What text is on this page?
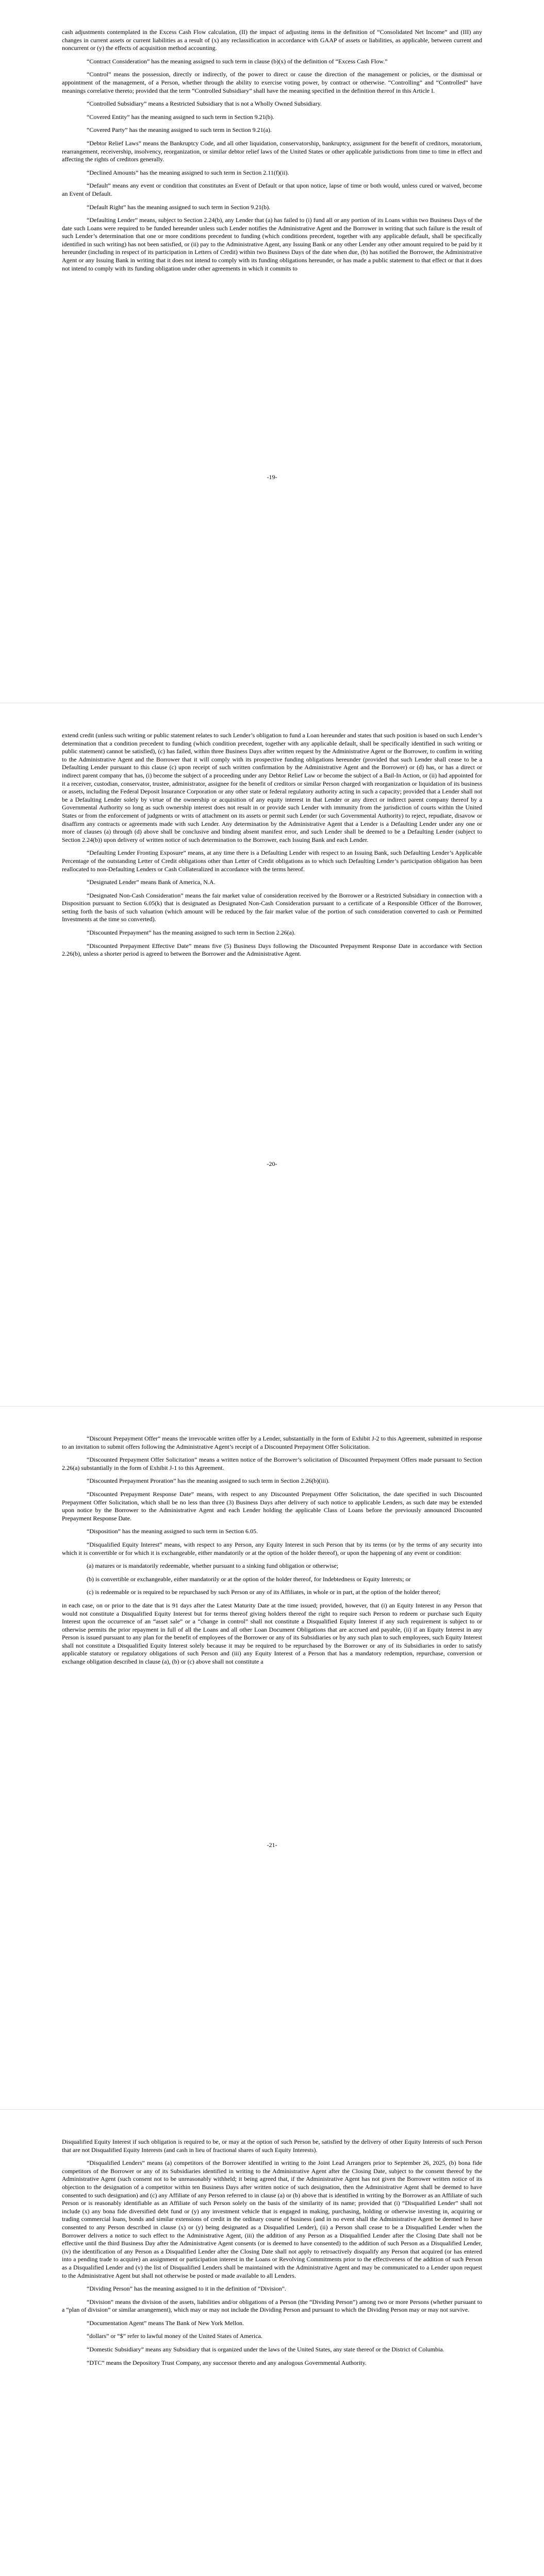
cash adjustments contemplated in the Excess Cash Flow calculation, (II) the impact of adjusting items in the definition of “Consolidated Net Income” and (III) any changes in current assets or current liabilities as a result of (x) any reclassification in accordance with GAAP of assets or liabilities, as applicable, between current and noncurrent or (y) the effects of acquisition method accounting.

“Contract Consideration” has the meaning assigned to such term in clause (b)(x) of the definition of “Excess Cash Flow.”

“Control” means the possession, directly or indirectly, of the power to direct or cause the direction of the management or policies, or the dismissal or appointment of the management, of a Person, whether through the ability to exercise voting power, by contract or otherwise. “Controlling” and “Controlled” have meanings correlative thereto; provided that the term “Controlled Subsidiary” shall have the meaning specified in the definition thereof in this Article I.

“Controlled Subsidiary” means a Restricted Subsidiary that is not a Wholly Owned Subsidiary.

“Covered Entity” has the meaning assigned to such term in Section 9.21(b).

“Covered Party” has the meaning assigned to such term in Section 9.21(a).

“Debtor Relief Laws” means the Bankruptcy Code, and all other liquidation, conservatorship, bankruptcy, assignment for the benefit of creditors, moratorium, rearrangement, receivership, insolvency, reorganization, or similar debtor relief laws of the United States or other applicable jurisdictions from time to time in effect and affecting the rights of creditors generally.

“Declined Amounts” has the meaning assigned to such term in Section 2.11(f)(ii).

“Default” means any event or condition that constitutes an Event of Default or that upon notice, lapse of time or both would, unless cured or waived, become an Event of Default.

“Default Right” has the meaning assigned to such term in Section 9.21(b).

“Defaulting Lender” means, subject to Section 2.24(b), any Lender that (a) has failed to (i) fund all or any portion of its Loans within two Business Days of the date such Loans were required to be funded hereunder unless such Lender notifies the Administrative Agent and the Borrower in writing that such failure is the result of such Lender’s determination that one or more conditions precedent to funding (which conditions precedent, together with any applicable default, shall be specifically identified in such writing) has not been satisfied, or (ii) pay to the Administrative Agent, any Issuing Bank or any other Lender any other amount required to be paid by it hereunder (including in respect of its participation in Letters of Credit) within two Business Days of the date when due, (b) has notified the Borrower, the Administrative Agent or any Issuing Bank in writing that it does not intend to comply with its funding obligations hereunder, or has made a public statement to that effect or that it does not intend to comply with its funding obligation under other agreements in which it commits to

-19-

extend credit (unless such writing or public statement relates to such Lender’s obligation to fund a Loan hereunder and states that such position is based on such Lender’s determination that a condition precedent to funding (which condition precedent, together with any applicable default, shall be specifically identified in such writing or public statement) cannot be satisfied), (c) has failed, within three Business Days after written request by the Administrative Agent or the Borrower, to confirm in writing to the Administrative Agent and the Borrower that it will comply with its prospective funding obligations hereunder (provided that such Lender shall cease to be a Defaulting Lender pursuant to this clause (c) upon receipt of such written confirmation by the Administrative Agent and the Borrower) or (d) has, or has a direct or indirect parent company that has, (i) become the subject of a proceeding under any Debtor Relief Law or become the subject of a Bail-In Action, or (ii) had appointed for it a receiver, custodian, conservator, trustee, administrator, assignee for the benefit of creditors or similar Person charged with reorganization or liquidation of its business or assets, including the Federal Deposit Insurance Corporation or any other state or federal regulatory authority acting in such a capacity; provided that a Lender shall not be a Defaulting Lender solely by virtue of the ownership or acquisition of any equity interest in that Lender or any direct or indirect parent company thereof by a Governmental Authority so long as such ownership interest does not result in or provide such Lender with immunity from the jurisdiction of courts within the United States or from the enforcement of judgments or writs of attachment on its assets or permit such Lender (or such Governmental Authority) to reject, repudiate, disavow or disaffirm any contracts or agreements made with such Lender. Any determination by the Administrative Agent that a Lender is a Defaulting Lender under any one or more of clauses (a) through (d) above shall be conclusive and binding absent manifest error, and such Lender shall be deemed to be a Defaulting Lender (subject to Section 2.24(b)) upon delivery of written notice of such determination to the Borrower, each Issuing Bank and each Lender.

“Defaulting Lender Fronting Exposure” means, at any time there is a Defaulting Lender with respect to an Issuing Bank, such Defaulting Lender’s Applicable Percentage of the outstanding Letter of Credit obligations other than Letter of Credit obligations as to which such Defaulting Lender’s participation obligation has been reallocated to non-Defaulting Lenders or Cash Collateralized in accordance with the terms hereof.

“Designated Lender” means Bank of America, N.A.

“Designated Non-Cash Consideration” means the fair market value of consideration received by the Borrower or a Restricted Subsidiary in connection with a Disposition pursuant to Section 6.05(k) that is designated as Designated Non-Cash Consideration pursuant to a certificate of a Responsible Officer of the Borrower, setting forth the basis of such valuation (which amount will be reduced by the fair market value of the portion of such consideration converted to cash or Permitted Investments at the time so converted).

“Discounted Prepayment” has the meaning assigned to such term in Section 2.26(a).

“Discounted Prepayment Effective Date” means five (5) Business Days following the Discounted Prepayment Response Date in accordance with Section 2.26(b), unless a shorter period is agreed to between the Borrower and the Administrative Agent.

-20-

“Discount Prepayment Offer” means the irrevocable written offer by a Lender, substantially in the form of Exhibit J-2 to this Agreement, submitted in response to an invitation to submit offers following the Administrative Agent’s receipt of a Discounted Prepayment Offer Solicitation.

“Discounted Prepayment Offer Solicitation” means a written notice of the Borrower’s solicitation of Discounted Prepayment Offers made pursuant to Section 2.26(a) substantially in the form of Exhibit J-1 to this Agreement.

“Discounted Prepayment Proration” has the meaning assigned to such term in Section 2.26(b)(iii).

“Discounted Prepayment Response Date” means, with respect to any Discounted Prepayment Offer Solicitation, the date specified in such Discounted Prepayment Offer Solicitation, which shall be no less than three (3) Business Days after delivery of such notice to applicable Lenders, as such date may be extended upon notice by the Borrower to the Administrative Agent and each Lender holding the applicable Class of Loans before the previously announced Discounted Prepayment Response Date.

“Disposition” has the meaning assigned to such term in Section 6.05.

“Disqualified Equity Interest” means, with respect to any Person, any Equity Interest in such Person that by its terms (or by the terms of any security into which it is convertible or for which it is exchangeable, either mandatorily or at the option of the holder thereof), or upon the happening of any event or condition:

(a) matures or is mandatorily redeemable, whether pursuant to a sinking fund obligation or otherwise;

(b) is convertible or exchangeable, either mandatorily or at the option of the holder thereof, for Indebtedness or Equity Interests; or

(c) is redeemable or is required to be repurchased by such Person or any of its Affiliates, in whole or in part, at the option of the holder thereof;

in each case, on or prior to the date that is 91 days after the Latest Maturity Date at the time issued; provided, however, that (i) an Equity Interest in any Person that would not constitute a Disqualified Equity Interest but for terms thereof giving holders thereof the right to require such Person to redeem or purchase such Equity Interest upon the occurrence of an “asset sale” or a “change in control” shall not constitute a Disqualified Equity Interest if any such requirement is subject to or otherwise permits the prior repayment in full of all the Loans and all other Loan Document Obligations that are accrued and payable, (ii) if an Equity Interest in any Person is issued pursuant to any plan for the benefit of employees of the Borrower or any of its Subsidiaries or by any such plan to such employees, such Equity Interest shall not constitute a Disqualified Equity Interest solely because it may be required to be repurchased by the Borrower or any of its Subsidiaries in order to satisfy applicable statutory or regulatory obligations of such Person and (iii) any Equity Interest of a Person that has a mandatory redemption, repurchase, conversion or exchange obligation described in clause (a), (b) or (c) above shall not constitute a

-21-

Disqualified Equity Interest if such obligation is required to be, or may at the option of such Person be, satisfied by the delivery of other Equity Interests of such Person that are not Disqualified Equity Interests (and cash in lieu of fractional shares of such Equity Interests).

“Disqualified Lenders” means (a) competitors of the Borrower identified in writing to the Joint Lead Arrangers prior to September 26, 2025, (b) bona fide competitors of the Borrower or any of its Subsidiaries identified in writing to the Administrative Agent after the Closing Date, subject to the consent thereof by the Administrative Agent (such consent not to be unreasonably withheld; it being agreed that, if the Administrative Agent has not given the Borrower written notice of its objection to the designation of a competitor within ten Business Days after written notice of such designation, then the Administrative Agent shall be deemed to have consented to such designation) and (c) any Affiliate of any Person referred to in clause (a) or (b) above that is identified in writing by the Borrower as an Affiliate of such Person or is reasonably identifiable as an Affiliate of such Person solely on the basis of the similarity of its name; provided that (i) “Disqualified Lender” shall not include (x) any bona fide diversified debt fund or (y) any investment vehicle that is engaged in making, purchasing, holding or otherwise investing in, acquiring or trading commercial loans, bonds and similar extensions of credit in the ordinary course of business (and in no event shall the Administrative Agent be deemed to have consented to any Person described in clause (x) or (y) being designated as a Disqualified Lender), (ii) a Person shall cease to be a Disqualified Lender when the Borrower delivers a notice to such effect to the Administrative Agent, (iii) the addition of any Person as a Disqualified Lender after the Closing Date shall not be effective until the third Business Day after the Administrative Agent consents (or is deemed to have consented) to the addition of such Person as a Disqualified Lender, (iv) the identification of any Person as a Disqualified Lender after the Closing Date shall not apply to retroactively disqualify any Person that acquired (or has entered into a pending trade to acquire) an assignment or participation interest in the Loans or Revolving Commitments prior to the effectiveness of the addition of such Person as a Disqualified Lender and (v) the list of Disqualified Lenders shall be maintained with the Administrative Agent and may be communicated to a Lender upon request to the Administrative Agent but shall not otherwise be posted or made available to all Lenders.

“Dividing Person” has the meaning assigned to it in the definition of “Division”.

“Division” means the division of the assets, liabilities and/or obligations of a Person (the “Dividing Person”) among two or more Persons (whether pursuant to a “plan of division” or similar arrangement), which may or may not include the Dividing Person and pursuant to which the Dividing Person may or may not survive.

“Documentation Agent” means The Bank of New York Mellon.

“dollars” or “$” refer to lawful money of the United States of America.

“Domestic Subsidiary” means any Subsidiary that is organized under the laws of the United States, any state thereof or the District of Columbia.

“DTC” means the Depository Trust Company, any successor thereto and any analogous Governmental Authority.
